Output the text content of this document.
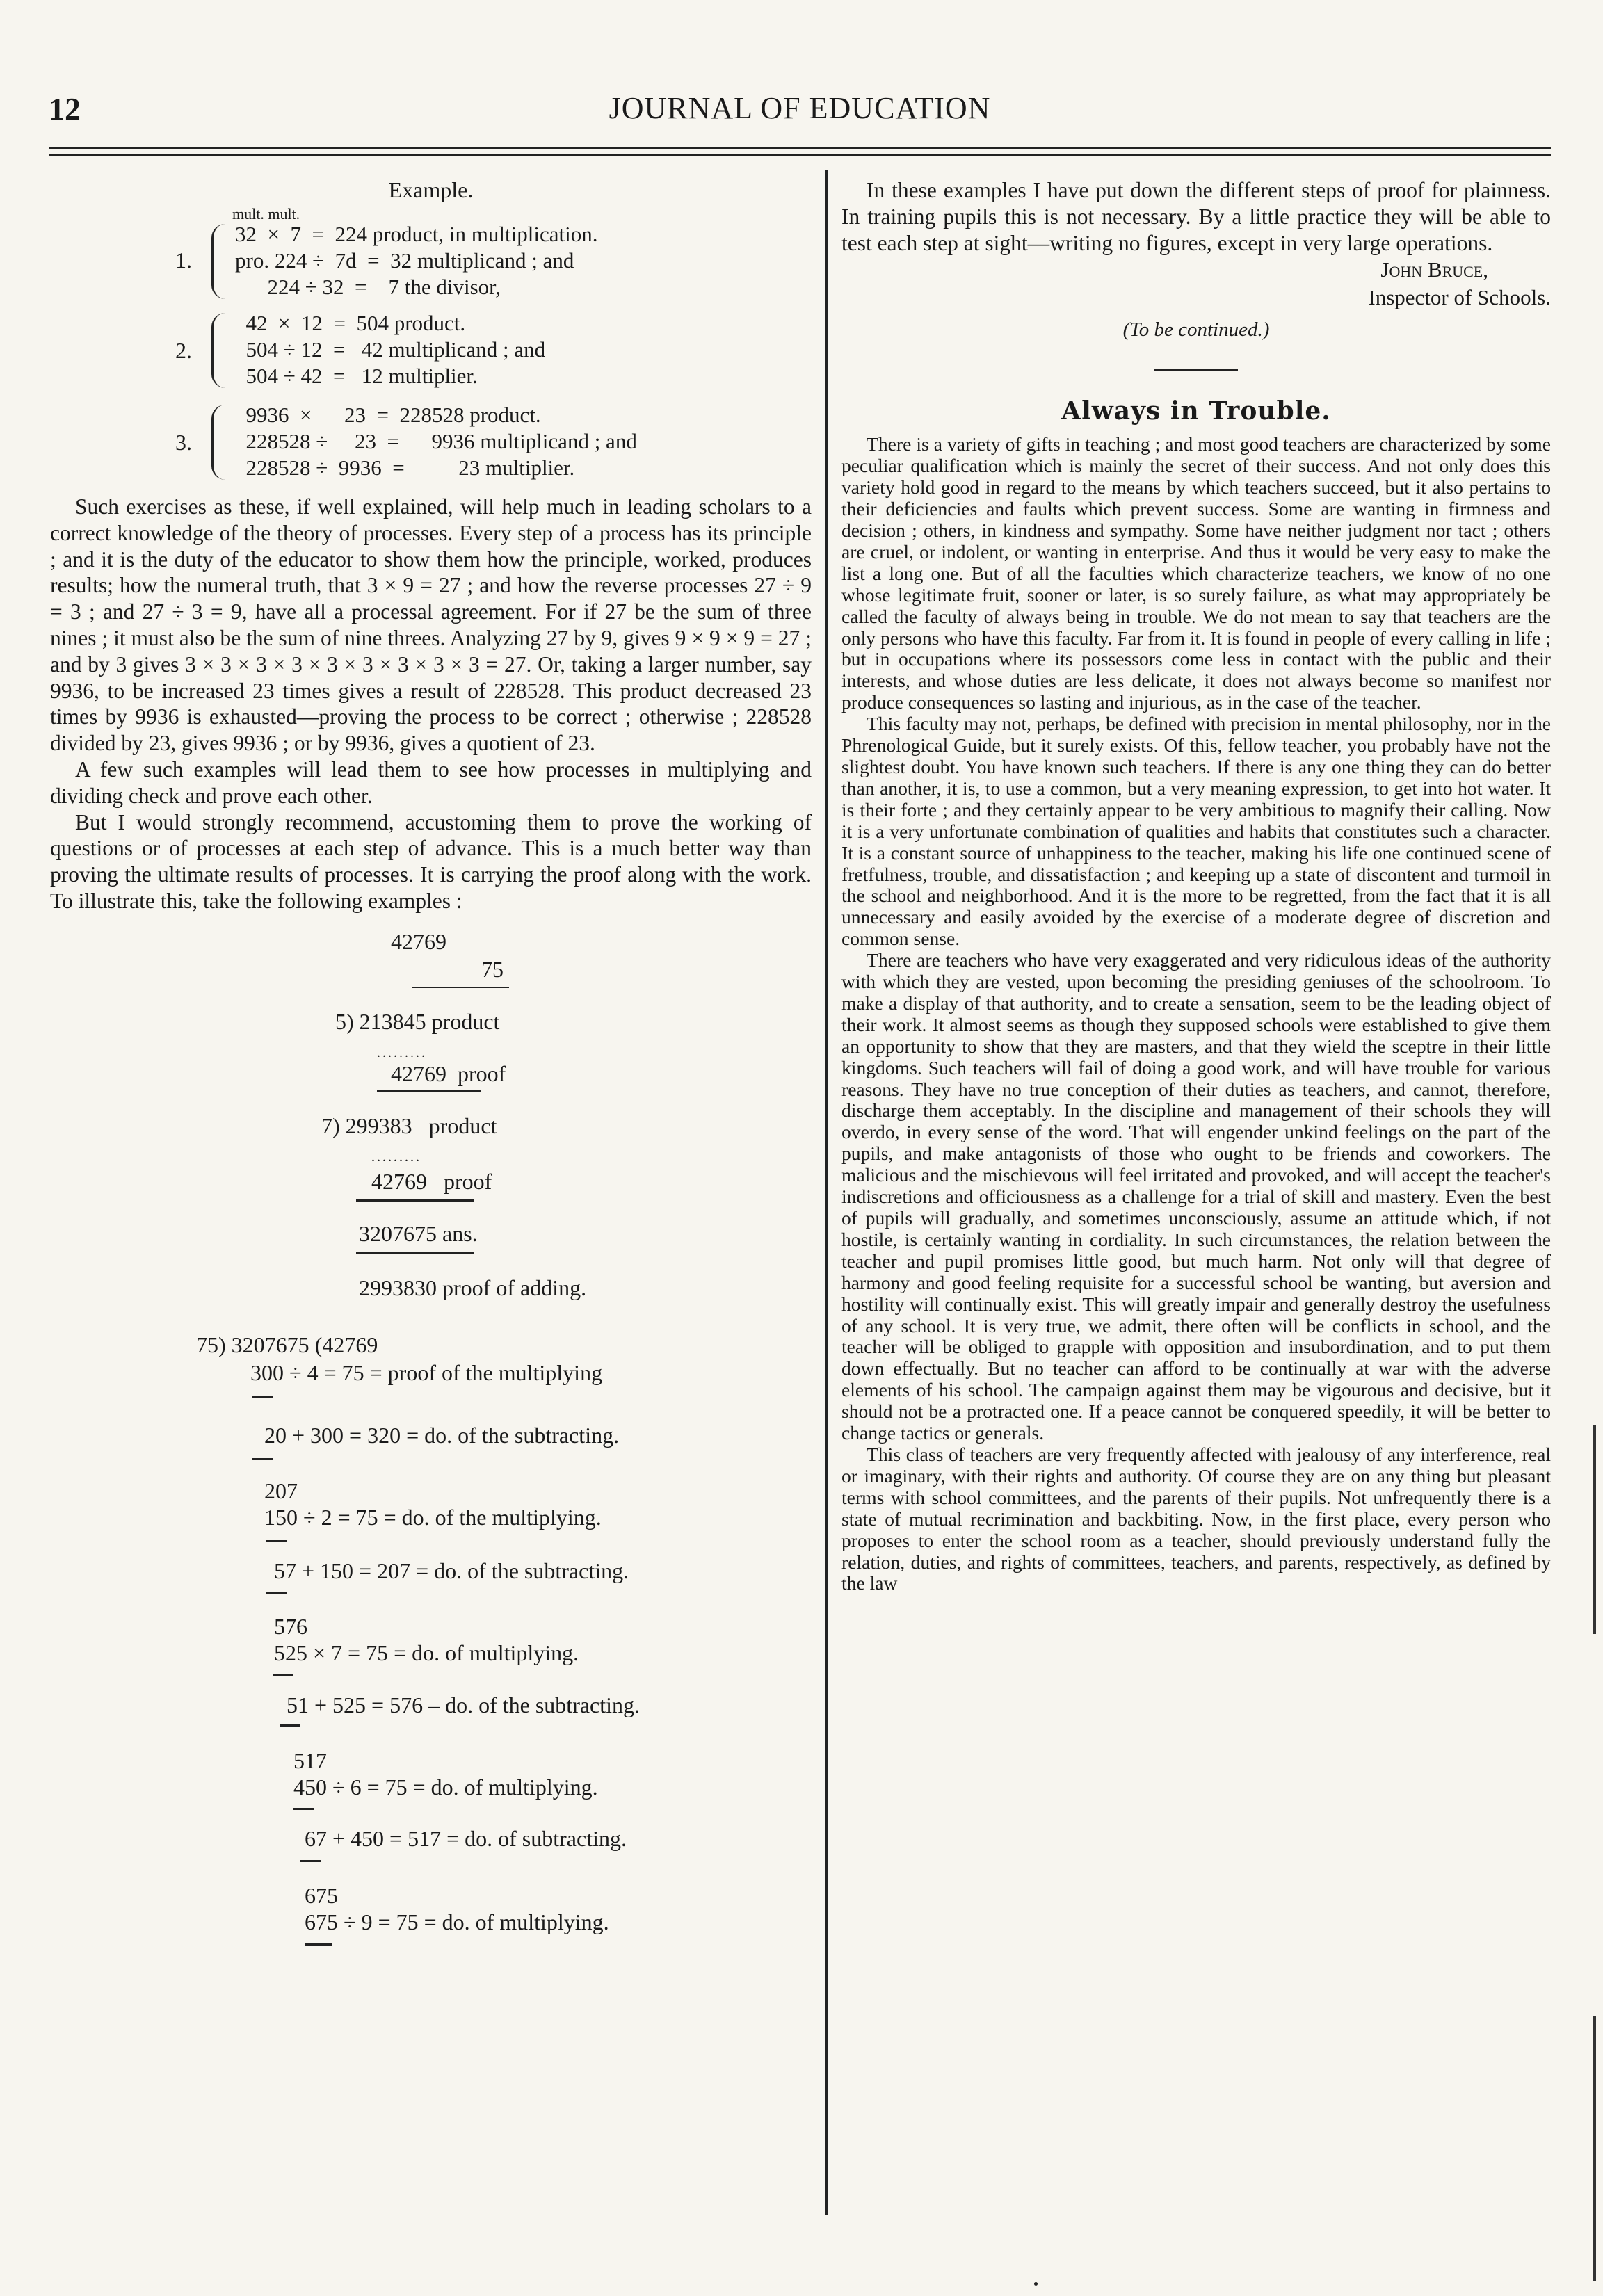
12	JOURNAL OF EDUCATION
Example.
mult. mult.
1.
32  ×  7  =  224 product, in multiplication.
pro. 224 ÷  7d  =  32 multiplicand ; and
224 ÷ 32  =    7 the divisor,
2.
42  ×  12  =  504 product.
504 ÷ 12  =   42 multiplicand ; and
504 ÷ 42  =   12 multiplier.
3.
9936  ×      23  =  228528 product.
228528 ÷     23  =      9936 multiplicand ; and
228528 ÷  9936  =          23 multiplier.

Such exercises as these, if well explained, will help much in leading scholars to a correct knowledge of the theory of processes. Every step of a process has its principle ; and it is the duty of the educator to show them how the principle, worked, produces results; how the numeral truth, that 3 × 9 = 27 ; and how the reverse processes 27 ÷ 9 = 3 ; and 27 ÷ 3 = 9, have all a processal agreement. For if 27 be the sum of three nines ; it must also be the sum of nine threes. Analyzing 27 by 9, gives 9 × 9 × 9 = 27 ; and by 3 gives 3 × 3 × 3 × 3 × 3 × 3 × 3 × 3 × 3 = 27. Or, taking a larger number, say 9936, to be increased 23 times gives a result of 228528. This product decreased 23 times by 9936 is exhausted—proving the process to be correct ; otherwise ; 228528 divided by 23, gives 9936 ; or by 9936, gives a quotient of 23.

A few such examples will lead them to see how processes in multiplying and dividing check and prove each other.

But I would strongly recommend, accustoming them to prove the working of questions or of processes at each step of advance. This is a much better way than proving the ultimate results of processes. It is carrying the proof along with the work. To illustrate this, take the following examples :

42769
75
5) 213845 product
.........
42769  proof
7) 299383   product
.........
42769   proof
3207675 ans.
2993830 proof of adding.
75) 3207675 (42769
300 ÷ 4 = 75 = proof of the multiplying
20 + 300 = 320 = do. of the subtracting.
207
150 ÷ 2 = 75 = do. of the multiplying.
57 + 150 = 207 = do. of the subtracting.
576
525 × 7 = 75 = do. of multiplying.
51 + 525 = 576 – do. of the subtracting.
517
450 ÷ 6 = 75 = do. of multiplying.
67 + 450 = 517 = do. of subtracting.
675
675 ÷ 9 = 75 = do. of multiplying.

In these examples I have put down the different steps of proof for plainness. In training pupils this is not necessary. By a little practice they will be able to test each step at sight—writing no figures, except in very large operations.

John Bruce,
Inspector of Schools.
(To be continued.)
Always in Trouble.

There is a variety of gifts in teaching ; and most good teachers are characterized by some peculiar qualification which is mainly the secret of their success. And not only does this variety hold good in regard to the means by which teachers succeed, but it also pertains to their deficiencies and faults which prevent success. Some are wanting in firmness and decision ; others, in kindness and sympathy. Some have neither judgment nor tact ; others are cruel, or indolent, or wanting in enterprise. And thus it would be very easy to make the list a long one. But of all the faculties which characterize teachers, we know of no one whose legitimate fruit, sooner or later, is so surely failure, as what may appropriately be called the faculty of always being in trouble. We do not mean to say that teachers are the only persons who have this faculty. Far from it. It is found in people of every calling in life ; but in occupations where its possessors come less in contact with the public and their interests, and whose duties are less delicate, it does not always become so manifest nor produce consequences so lasting and injurious, as in the case of the teacher.

This faculty may not, perhaps, be defined with precision in mental philosophy, nor in the Phrenological Guide, but it surely exists. Of this, fellow teacher, you probably have not the slightest doubt. You have known such teachers. If there is any one thing they can do better than another, it is, to use a common, but a very meaning expression, to get into hot water. It is their forte ; and they certainly appear to be very ambitious to magnify their calling. Now it is a very unfortunate combination of qualities and habits that constitutes such a character. It is a constant source of unhappiness to the teacher, making his life one continued scene of fretfulness, trouble, and dissatisfaction ; and keeping up a state of discontent and turmoil in the school and neighborhood. And it is the more to be regretted, from the fact that it is all unnecessary and easily avoided by the exercise of a moderate degree of discretion and common sense.

There are teachers who have very exaggerated and very ridiculous ideas of the authority with which they are vested, upon becoming the presiding geniuses of the schoolroom. To make a display of that authority, and to create a sensation, seem to be the leading object of their work. It almost seems as though they supposed schools were established to give them an opportunity to show that they are masters, and that they wield the sceptre in their little kingdoms. Such teachers will fail of doing a good work, and will have trouble for various reasons. They have no true conception of their duties as teachers, and cannot, therefore, discharge them acceptably. In the discipline and management of their schools they will overdo, in every sense of the word. That will engender unkind feelings on the part of the pupils, and make antagonists of those who ought to be friends and coworkers. The malicious and the mischievous will feel irritated and provoked, and will accept the teacher's indiscretions and officiousness as a challenge for a trial of skill and mastery. Even the best of pupils will gradually, and sometimes unconsciously, assume an attitude which, if not hostile, is certainly wanting in cordiality. In such circumstances, the relation between the teacher and pupil promises little good, but much harm. Not only will that degree of harmony and good feeling requisite for a successful school be wanting, but aversion and hostility will continually exist. This will greatly impair and generally destroy the usefulness of any school. It is very true, we admit, there often will be conflicts in school, and the teacher will be obliged to grapple with opposition and insubordination, and to put them down effectually. But no teacher can afford to be continually at war with the adverse elements of his school. The campaign against them may be vigourous and decisive, but it should not be a protracted one. If a peace cannot be conquered speedily, it will be better to change tactics or generals.

This class of teachers are very frequently affected with jealousy of any interference, real or imaginary, with their rights and authority. Of course they are on any thing but pleasant terms with school committees, and the parents of their pupils. Not unfrequently there is a state of mutual recrimination and backbiting. Now, in the first place, every person who proposes to enter the school room as a teacher, should previously understand fully the relation, duties, and rights of committees, teachers, and parents, respectively, as defined by the law
